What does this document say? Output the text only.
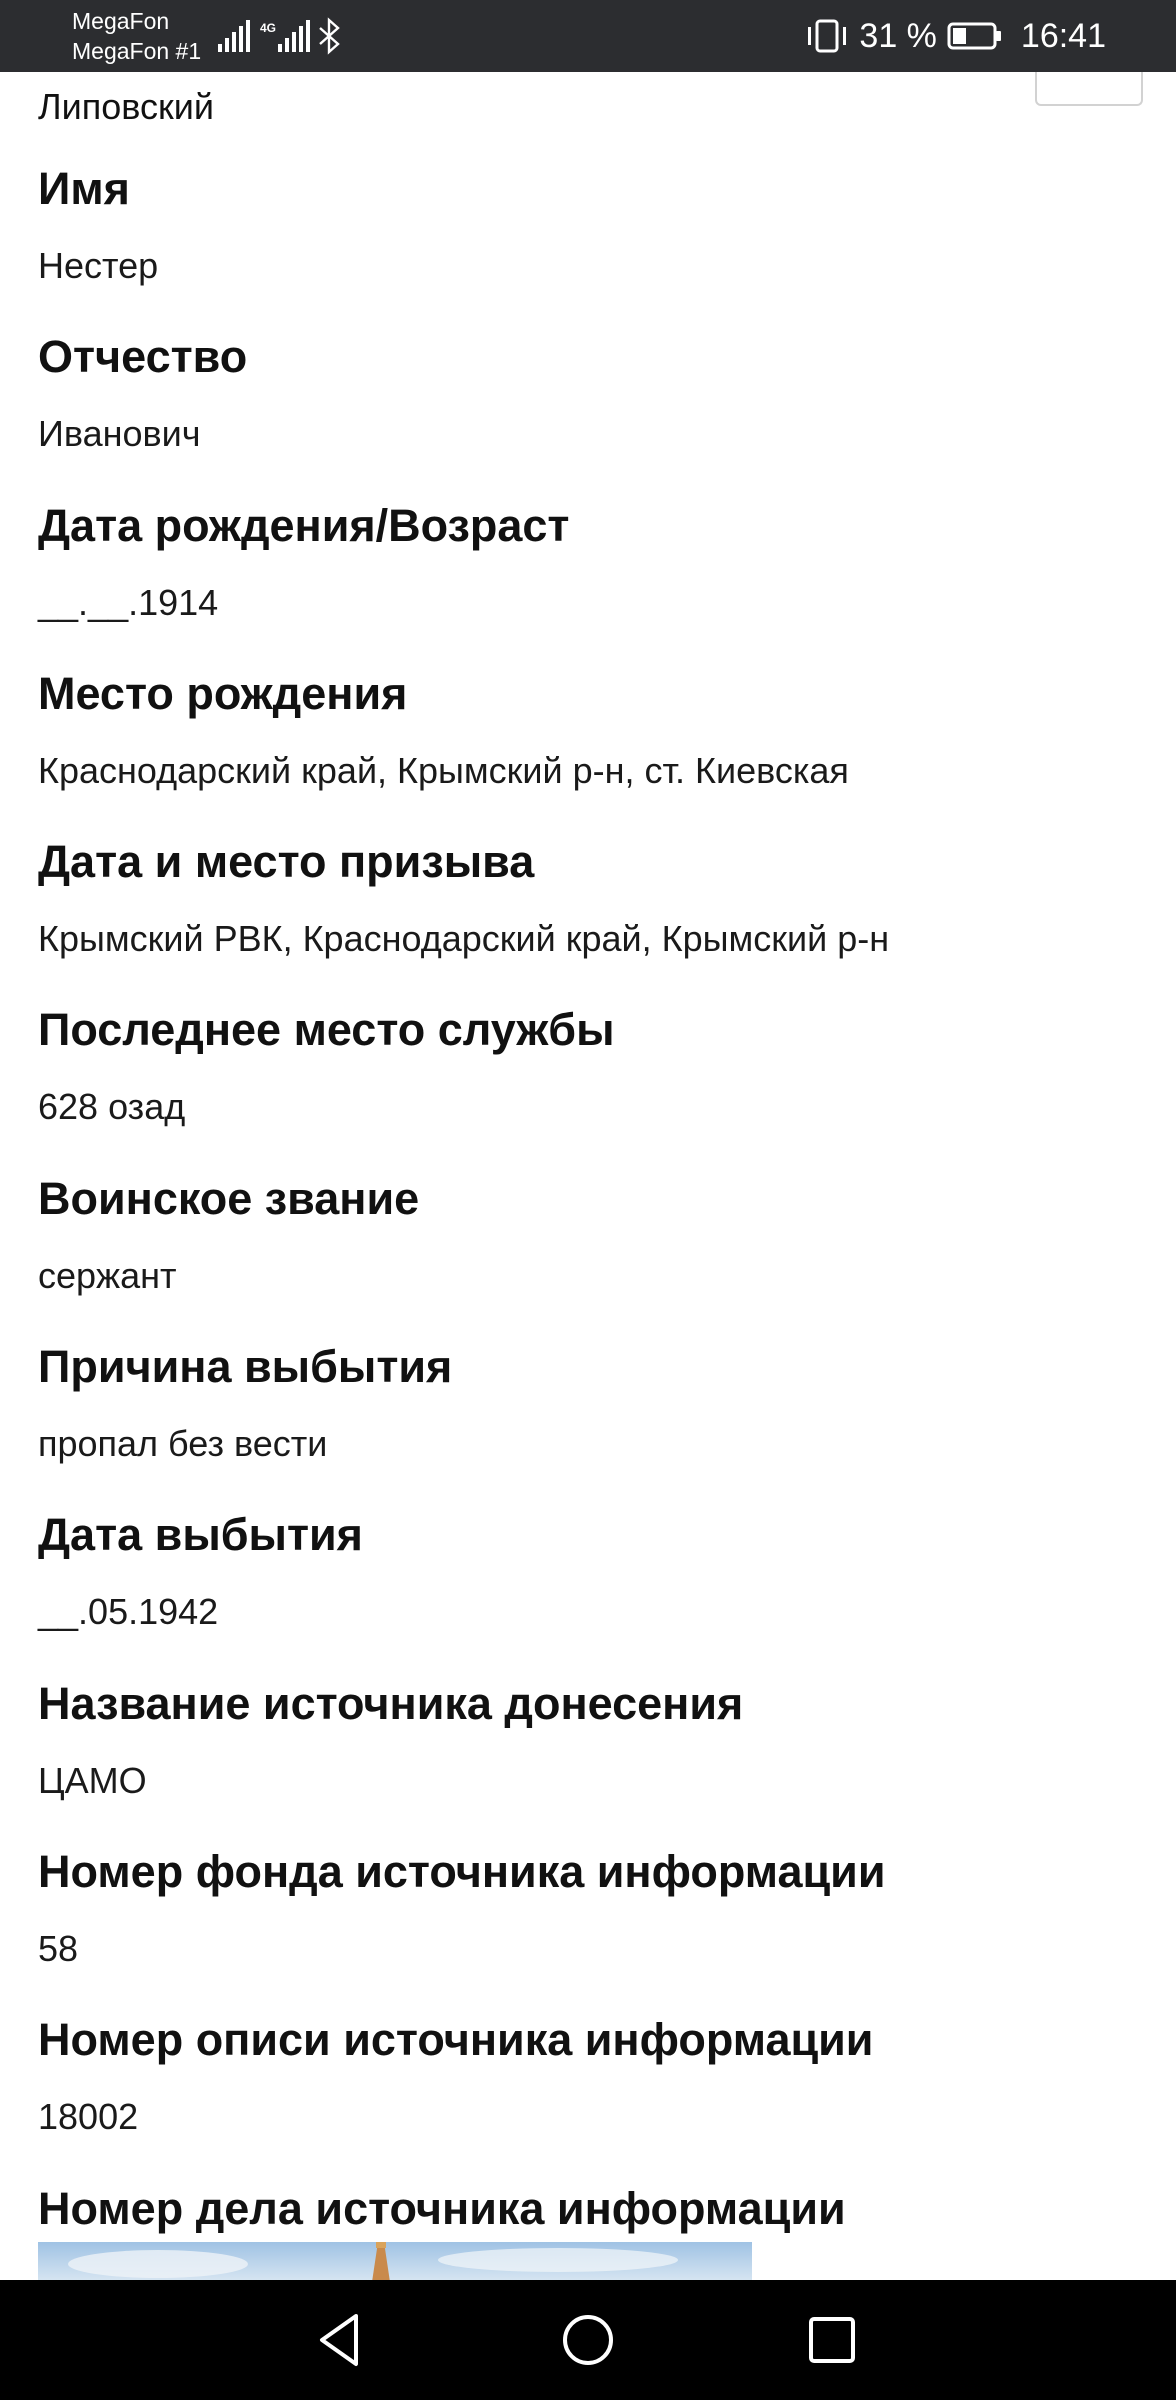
MegaFon
MegaFon #1
4G	31 % 16:41
Липовский
Имя
Нестер
Отчество
Иванович
Дата рождения/Возраст
__.__.1914
Место рождения
Краснодарский край, Крымский р-н, ст. Киевская
Дата и место призыва
Крымский РВК, Краснодарский край, Крымский р-н
Последнее место службы
628 озад
Воинское звание
сержант
Причина выбытия
пропал без вести
Дата выбытия
__.05.1942
Название источника донесения
ЦАМО
Номер фонда источника информации
58
Номер описи источника информации
18002
Номер дела источника информации
